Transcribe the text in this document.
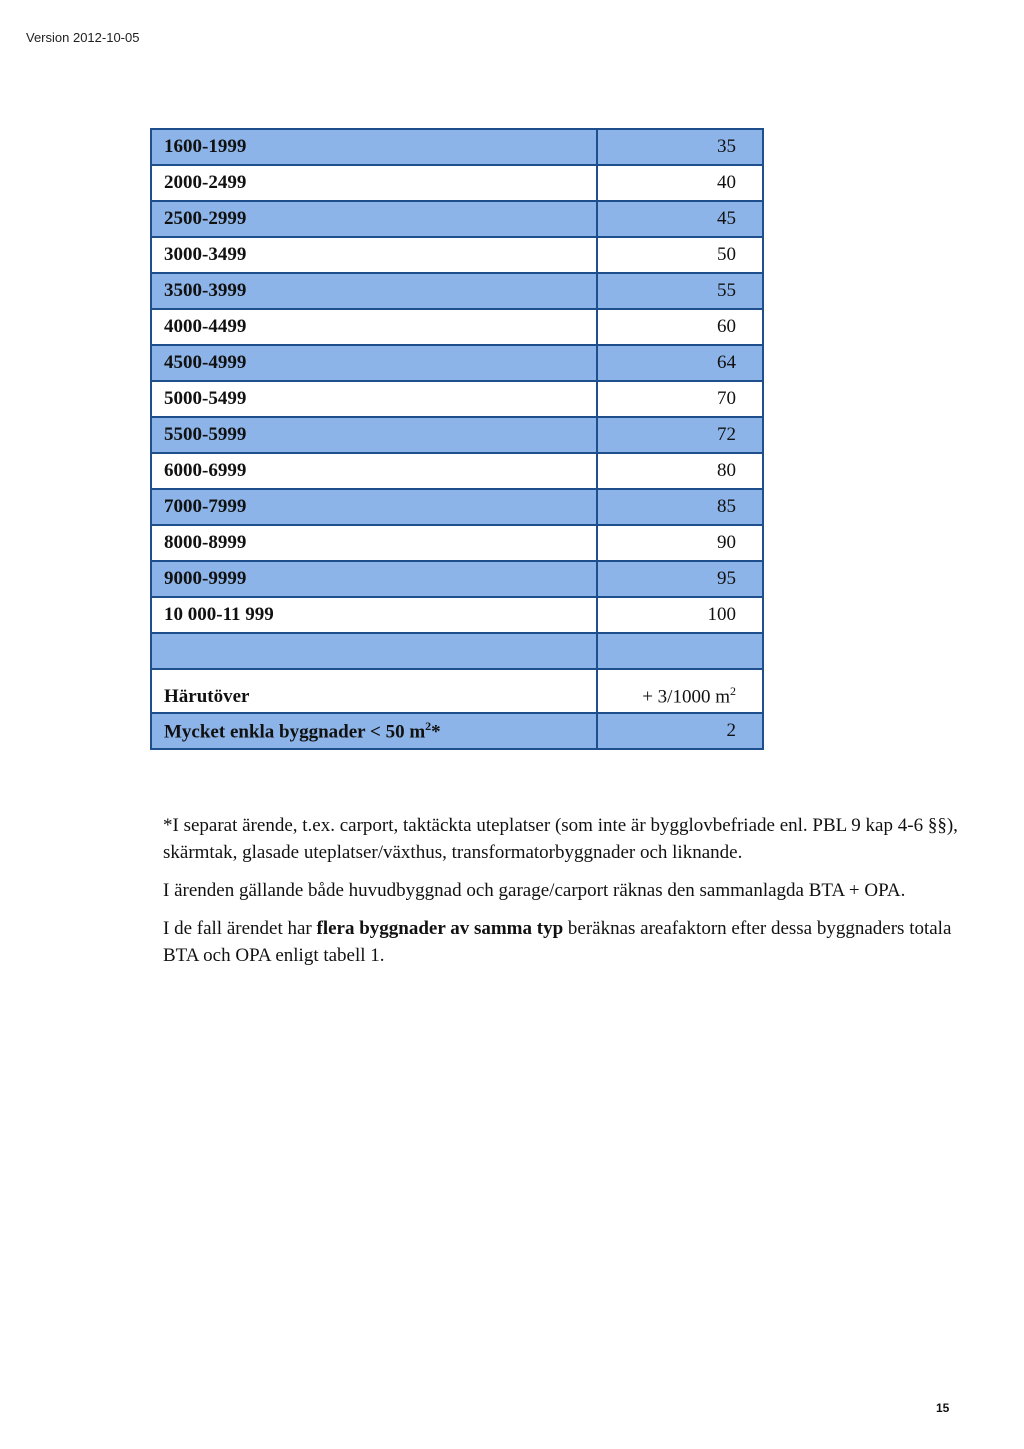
Version 2012-10-05
1600-1999	35
2000-2499	40
2500-2999	45
3000-3499	50
3500-3999	55
4000-4499	60
4500-4999	64
5000-5499	70
5500-5999	72
6000-6999	80
7000-7999	85
8000-8999	90
9000-9999	95
10 000-11 999	100

Härutöver	+ 3/1000 $m^2$
Mycket enkla byggnader < 50 $m^2*$	2

*I separat ärende, t.ex. carport, taktäckta uteplatser (som inte är bygglovbefriade enl. PBL 9 kap 4-6 §§), skärmtak, glasade uteplatser/växthus, transformatorbyggnader och liknande.

I ärenden gällande både huvudbyggnad och garage/carport räknas den sammanlagda BTA + OPA.

I de fall ärendet har flera byggnader av samma typ beräknas areafaktorn efter dessa byggnaders totala BTA och OPA enligt tabell 1.

15
